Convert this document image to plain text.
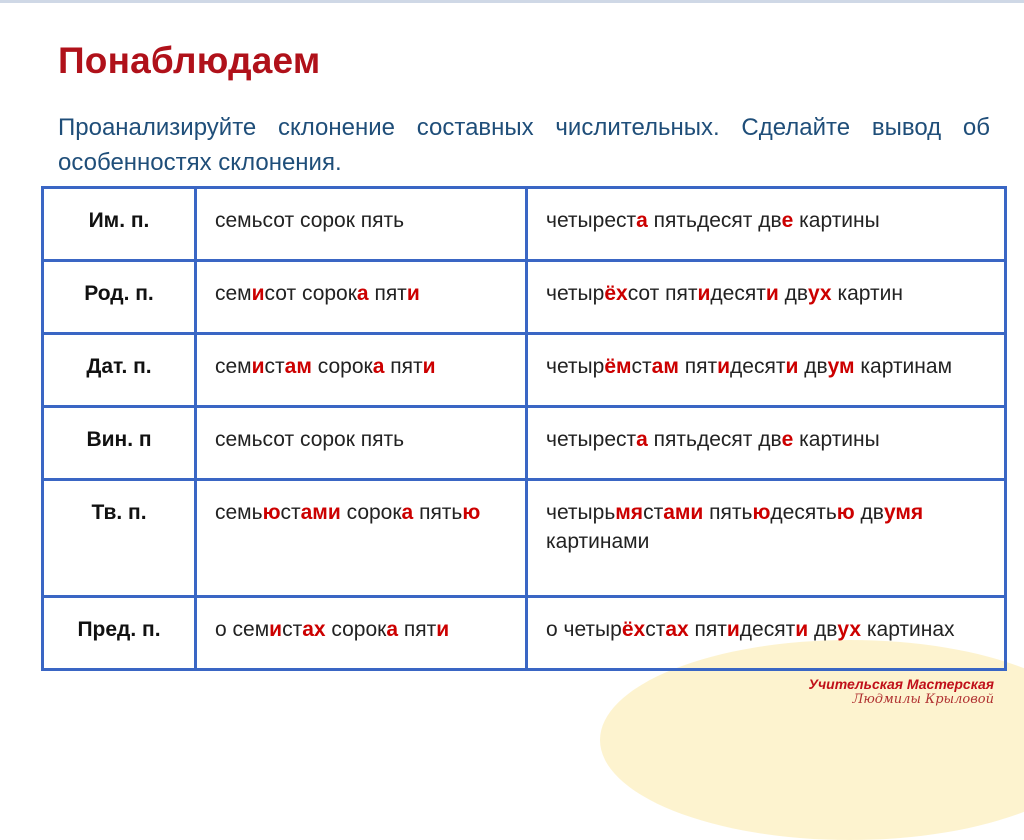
Понаблюдаем
Проанализируйте склонение составных числительных. Сделайте вывод об особенностях склонения.
Им. п.	семьсот сорок пять	четыреста пятьдесят две картины
Род. п.	семисот сорока пяти	четырёхсот пятидесяти двух картин
Дат. п.	семистам сорока пяти	четырёмстам пятидесяти двум картинам
Вин. п	семьсот сорок пять	четыреста пятьдесят две картины
Тв. п.	семьюстами сорока пятью	четырьмястами пятьюдесятью двумя картинами
Пред. п.	о семистах сорока пяти	о четырёхстах пятидесяти двух картинах
Учительская Мастерская
Людмилы Крыловой
